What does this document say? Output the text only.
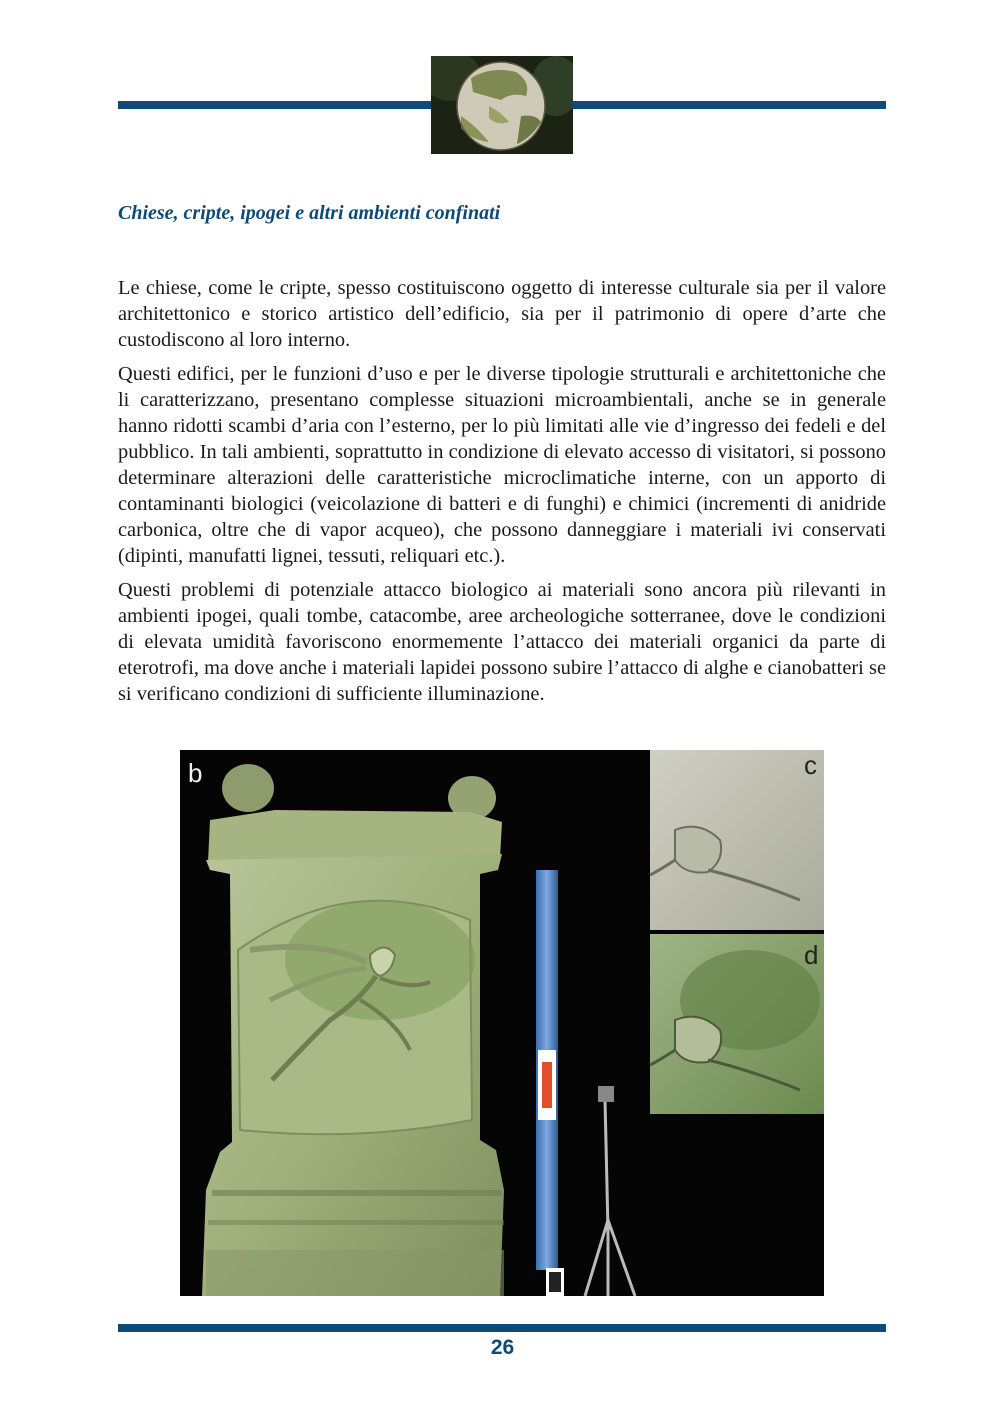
Chiese, cripte, ipogei e altri ambienti confinati

Le chiese, come le cripte, spesso costituiscono oggetto di interesse culturale sia per il valore architettonico e storico artistico dell’edificio, sia per il patrimonio di opere d’arte che custodiscono al loro interno.

Questi edifici, per le funzioni d’uso e per le diverse tipologie strutturali e architettoniche che li caratterizzano, presentano complesse situazioni microambientali, anche se in generale hanno ridotti scambi d’aria con l’esterno, per lo più limitati alle vie d’ingresso dei fedeli e del pubblico. In tali ambienti, soprattutto in condizione di elevato accesso di visitatori, si possono determinare alterazioni delle caratteristiche microclimatiche interne, con un apporto di contaminanti biologici (veicolazione di batteri e di funghi) e chimici (incrementi di anidride carbonica, oltre che di vapor acqueo), che possono danneggiare i materiali ivi conservati (dipinti, manufatti lignei, tessuti, reliquari etc.).

Questi problemi di potenziale attacco biologico ai materiali sono ancora più rilevanti in ambienti ipogei, quali tombe, catacombe, aree archeologiche sotterranee, dove le condizioni di elevata umidità favoriscono enormemente l’attacco dei materiali organici da parte di eterotrofi, ma dove anche i materiali lapidei possono subire l’attacco di alghe e cianobatteri se si verificano condizioni di sufficiente illuminazione.

b	c
d
26
